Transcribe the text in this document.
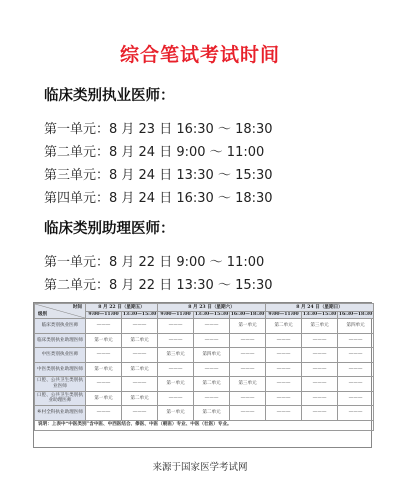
综合笔试考试时间
临床类别执业医师：
第一单元：8 月 23 日 16:30 ～ 18:30
第二单元：8 月 24 日 9:00 ～ 11:00
第三单元：8 月 24 日 13:30 ～ 15:30
第四单元：8 月 24 日 16:30 ～ 18:30
临床类别助理医师：
第一单元：8 月 22 日 9:00 ～ 11:00
第二单元：8 月 22 日 13:30 ～ 15:30
时间
级别	8 月 22 日（星期五）		8 月 23 日（星期六）			8 月 24 日（星期日）		
	9:00—11:00	13:30—15:30	9:00—11:00	13:30—15:30	16:30—18:30	9:00—11:00	13:30—15:30	16:30—18:30
临床类别执业医师	———	———	———	———	第一单元	第二单元	第三单元	第四单元
临床类别执业助理医师	第一单元	第二单元	———	———	———	———	———	———
中医类别执业医师	———	———	第三单元	第四单元	———	———	———	———
中医类别执业助理医师	第一单元	第二单元	———	———	———	———	———	———
口腔、公共卫生类别执业医师	———	———	第一单元	第二单元	第三单元	———	———	———
口腔、公共卫生类别执业助理医师	第一单元	第二单元	———	———	———	———	———	———
乡村全科执业助理医师	———	———	第一单元	第二单元	———	———	———	———
说明：上表中“中医类别”含中医、中西医结合、傣医、中医（朝医）专业、中医（壮医）专业。								
来源于国家医学考试网
